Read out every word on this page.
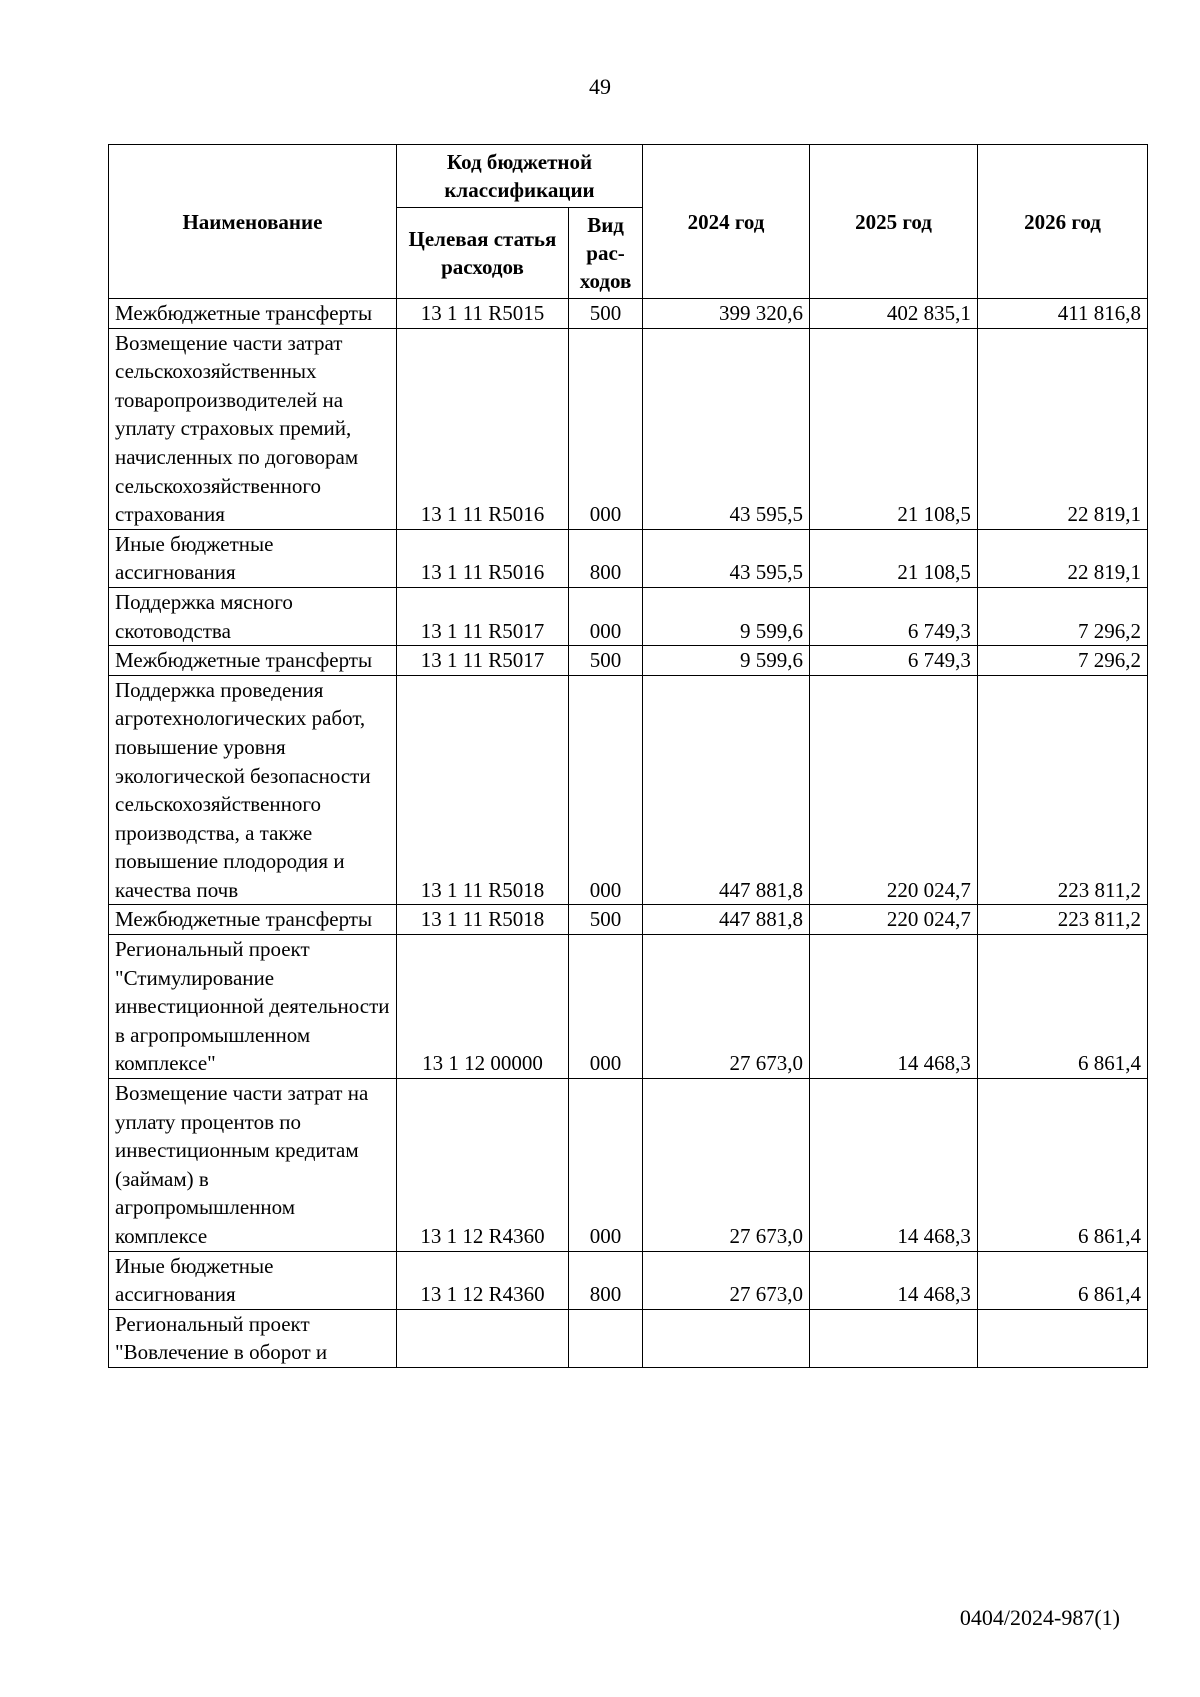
49
Наименование	Код бюджетной классификации		2024 год	2025 год	2026 год
	Целевая статья расходов	Вид рас-ходов			
Межбюджетные трансферты	13 1 11 R5015	500	399 320,6	402 835,1	411 816,8
Возмещение части затрат сельскохозяйственных товаропроизводителей на уплату страховых премий, начисленных по договорам сельскохозяйственного страхования	13 1 11 R5016	000	43 595,5	21 108,5	22 819,1
Иные бюджетные ассигнования	13 1 11 R5016	800	43 595,5	21 108,5	22 819,1
Поддержка мясного скотоводства	13 1 11 R5017	000	9 599,6	6 749,3	7 296,2
Межбюджетные трансферты	13 1 11 R5017	500	9 599,6	6 749,3	7 296,2
Поддержка проведения агротехнологических работ, повышение уровня экологической безопасности сельскохозяйственного производства, а также повышение плодородия и качества почв	13 1 11 R5018	000	447 881,8	220 024,7	223 811,2
Межбюджетные трансферты	13 1 11 R5018	500	447 881,8	220 024,7	223 811,2
Региональный проект "Стимулирование инвестиционной деятельности в агропромышленном комплексе"	13 1 12 00000	000	27 673,0	14 468,3	6 861,4
Возмещение части затрат на уплату процентов по инвестиционным кредитам (займам) в агропромышленном комплексе	13 1 12 R4360	000	27 673,0	14 468,3	6 861,4
Иные бюджетные ассигнования	13 1 12 R4360	800	27 673,0	14 468,3	6 861,4
Региональный проект "Вовлечение в оборот и					
0404/2024-987(1)
